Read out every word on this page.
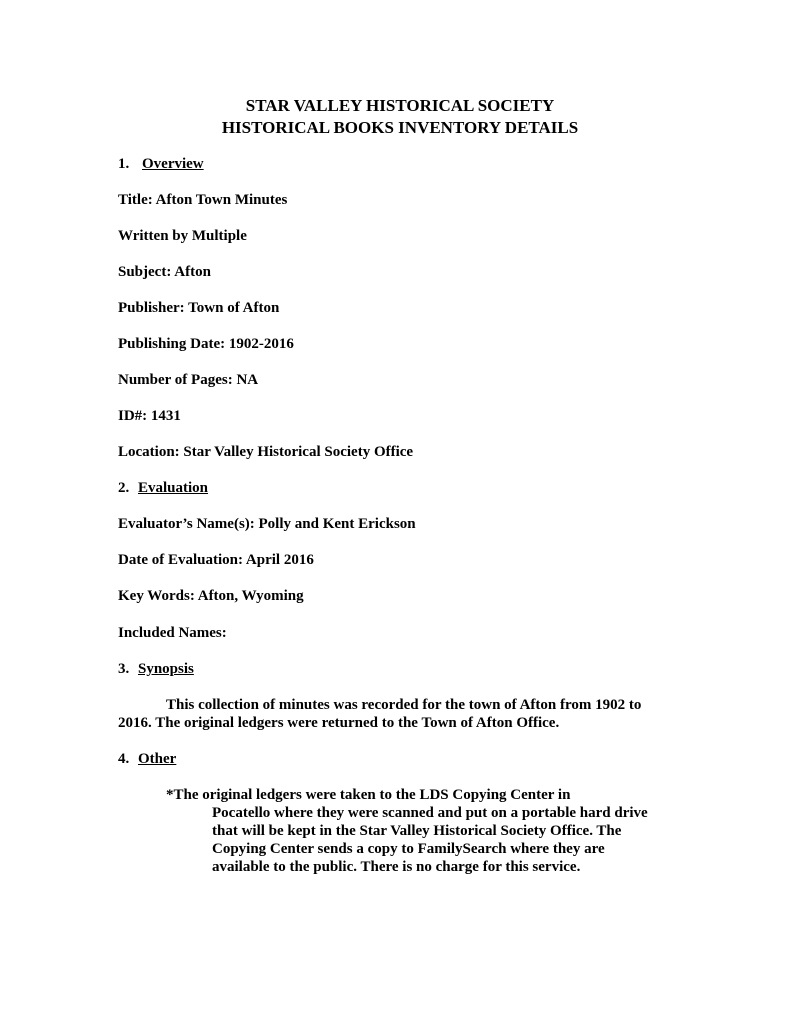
STAR VALLEY HISTORICAL SOCIETY
HISTORICAL BOOKS INVENTORY DETAILS
1. Overview
Title: Afton Town Minutes
Written by Multiple
Subject: Afton
Publisher: Town of Afton
Publishing Date: 1902-2016
Number of Pages: NA
ID#: 1431
Location: Star Valley Historical Society Office
2. Evaluation
Evaluator’s Name(s): Polly and Kent Erickson
Date of Evaluation: April 2016
Key Words: Afton, Wyoming
Included Names:
3. Synopsis
This collection of minutes was recorded for the town of Afton from 1902 to
2016. The original ledgers were returned to the Town of Afton Office.
4. Other
*The original ledgers were taken to the LDS Copying Center in
Pocatello where they were scanned and put on a portable hard drive
that will be kept in the Star Valley Historical Society Office. The
Copying Center sends a copy to FamilySearch where they are
available to the public. There is no charge for this service.
